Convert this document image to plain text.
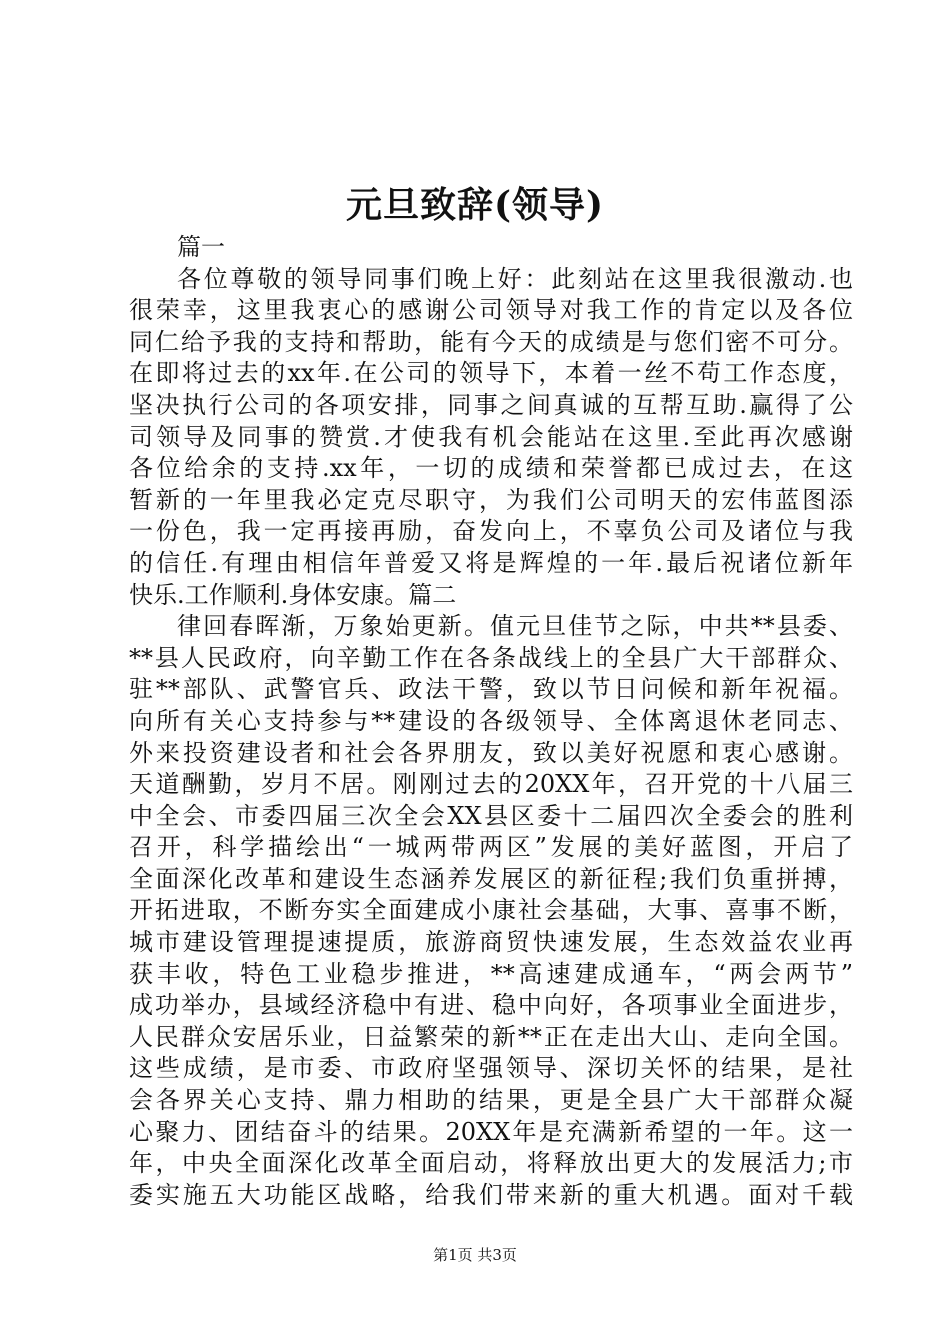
元旦致辞(领导)
篇一
各位尊敬的领导同事们晚上好：此刻站在这里我很激动.也
很荣幸，这里我衷心的感谢公司领导对我工作的肯定以及各位
同仁给予我的支持和帮助，能有今天的成绩是与您们密不可分。
在即将过去的xx年.在公司的领导下，本着一丝不苟工作态度，
坚决执行公司的各项安排，同事之间真诚的互帮互助.赢得了公
司领导及同事的赞赏.才使我有机会能站在这里.至此再次感谢
各位给余的支持.xx年，一切的成绩和荣誉都已成过去，在这
暂新的一年里我必定克尽职守，为我们公司明天的宏伟蓝图添
一份色，我一定再接再励，奋发向上，不辜负公司及诸位与我
的信任.有理由相信年普爱又将是辉煌的一年.最后祝诸位新年
快乐.工作顺利.身体安康。篇二
律回春晖渐，万象始更新。值元旦佳节之际，中共**县委、
**县人民政府，向辛勤工作在各条战线上的全县广大干部群众、
驻**部队、武警官兵、政法干警，致以节日问候和新年祝福。
向所有关心支持参与**建设的各级领导、全体离退休老同志、
外来投资建设者和社会各界朋友，致以美好祝愿和衷心感谢。
天道酬勤，岁月不居。刚刚过去的20XX年，召开党的十八届三
中全会、市委四届三次全会XX县区委十二届四次全委会的胜利
召开，科学描绘出“一城两带两区”发展的美好蓝图，开启了
全面深化改革和建设生态涵养发展区的新征程;我们负重拼搏，
开拓进取，不断夯实全面建成小康社会基础，大事、喜事不断，
城市建设管理提速提质，旅游商贸快速发展，生态效益农业再
获丰收，特色工业稳步推进，**高速建成通车，“两会两节”
成功举办，县域经济稳中有进、稳中向好，各项事业全面进步，
人民群众安居乐业，日益繁荣的新**正在走出大山、走向全国。
这些成绩，是市委、市政府坚强领导、深切关怀的结果，是社
会各界关心支持、鼎力相助的结果，更是全县广大干部群众凝
心聚力、团结奋斗的结果。20XX年是充满新希望的一年。这一
年，中央全面深化改革全面启动，将释放出更大的发展活力;市
委实施五大功能区战略，给我们带来新的重大机遇。面对千载
第1页 共3页
